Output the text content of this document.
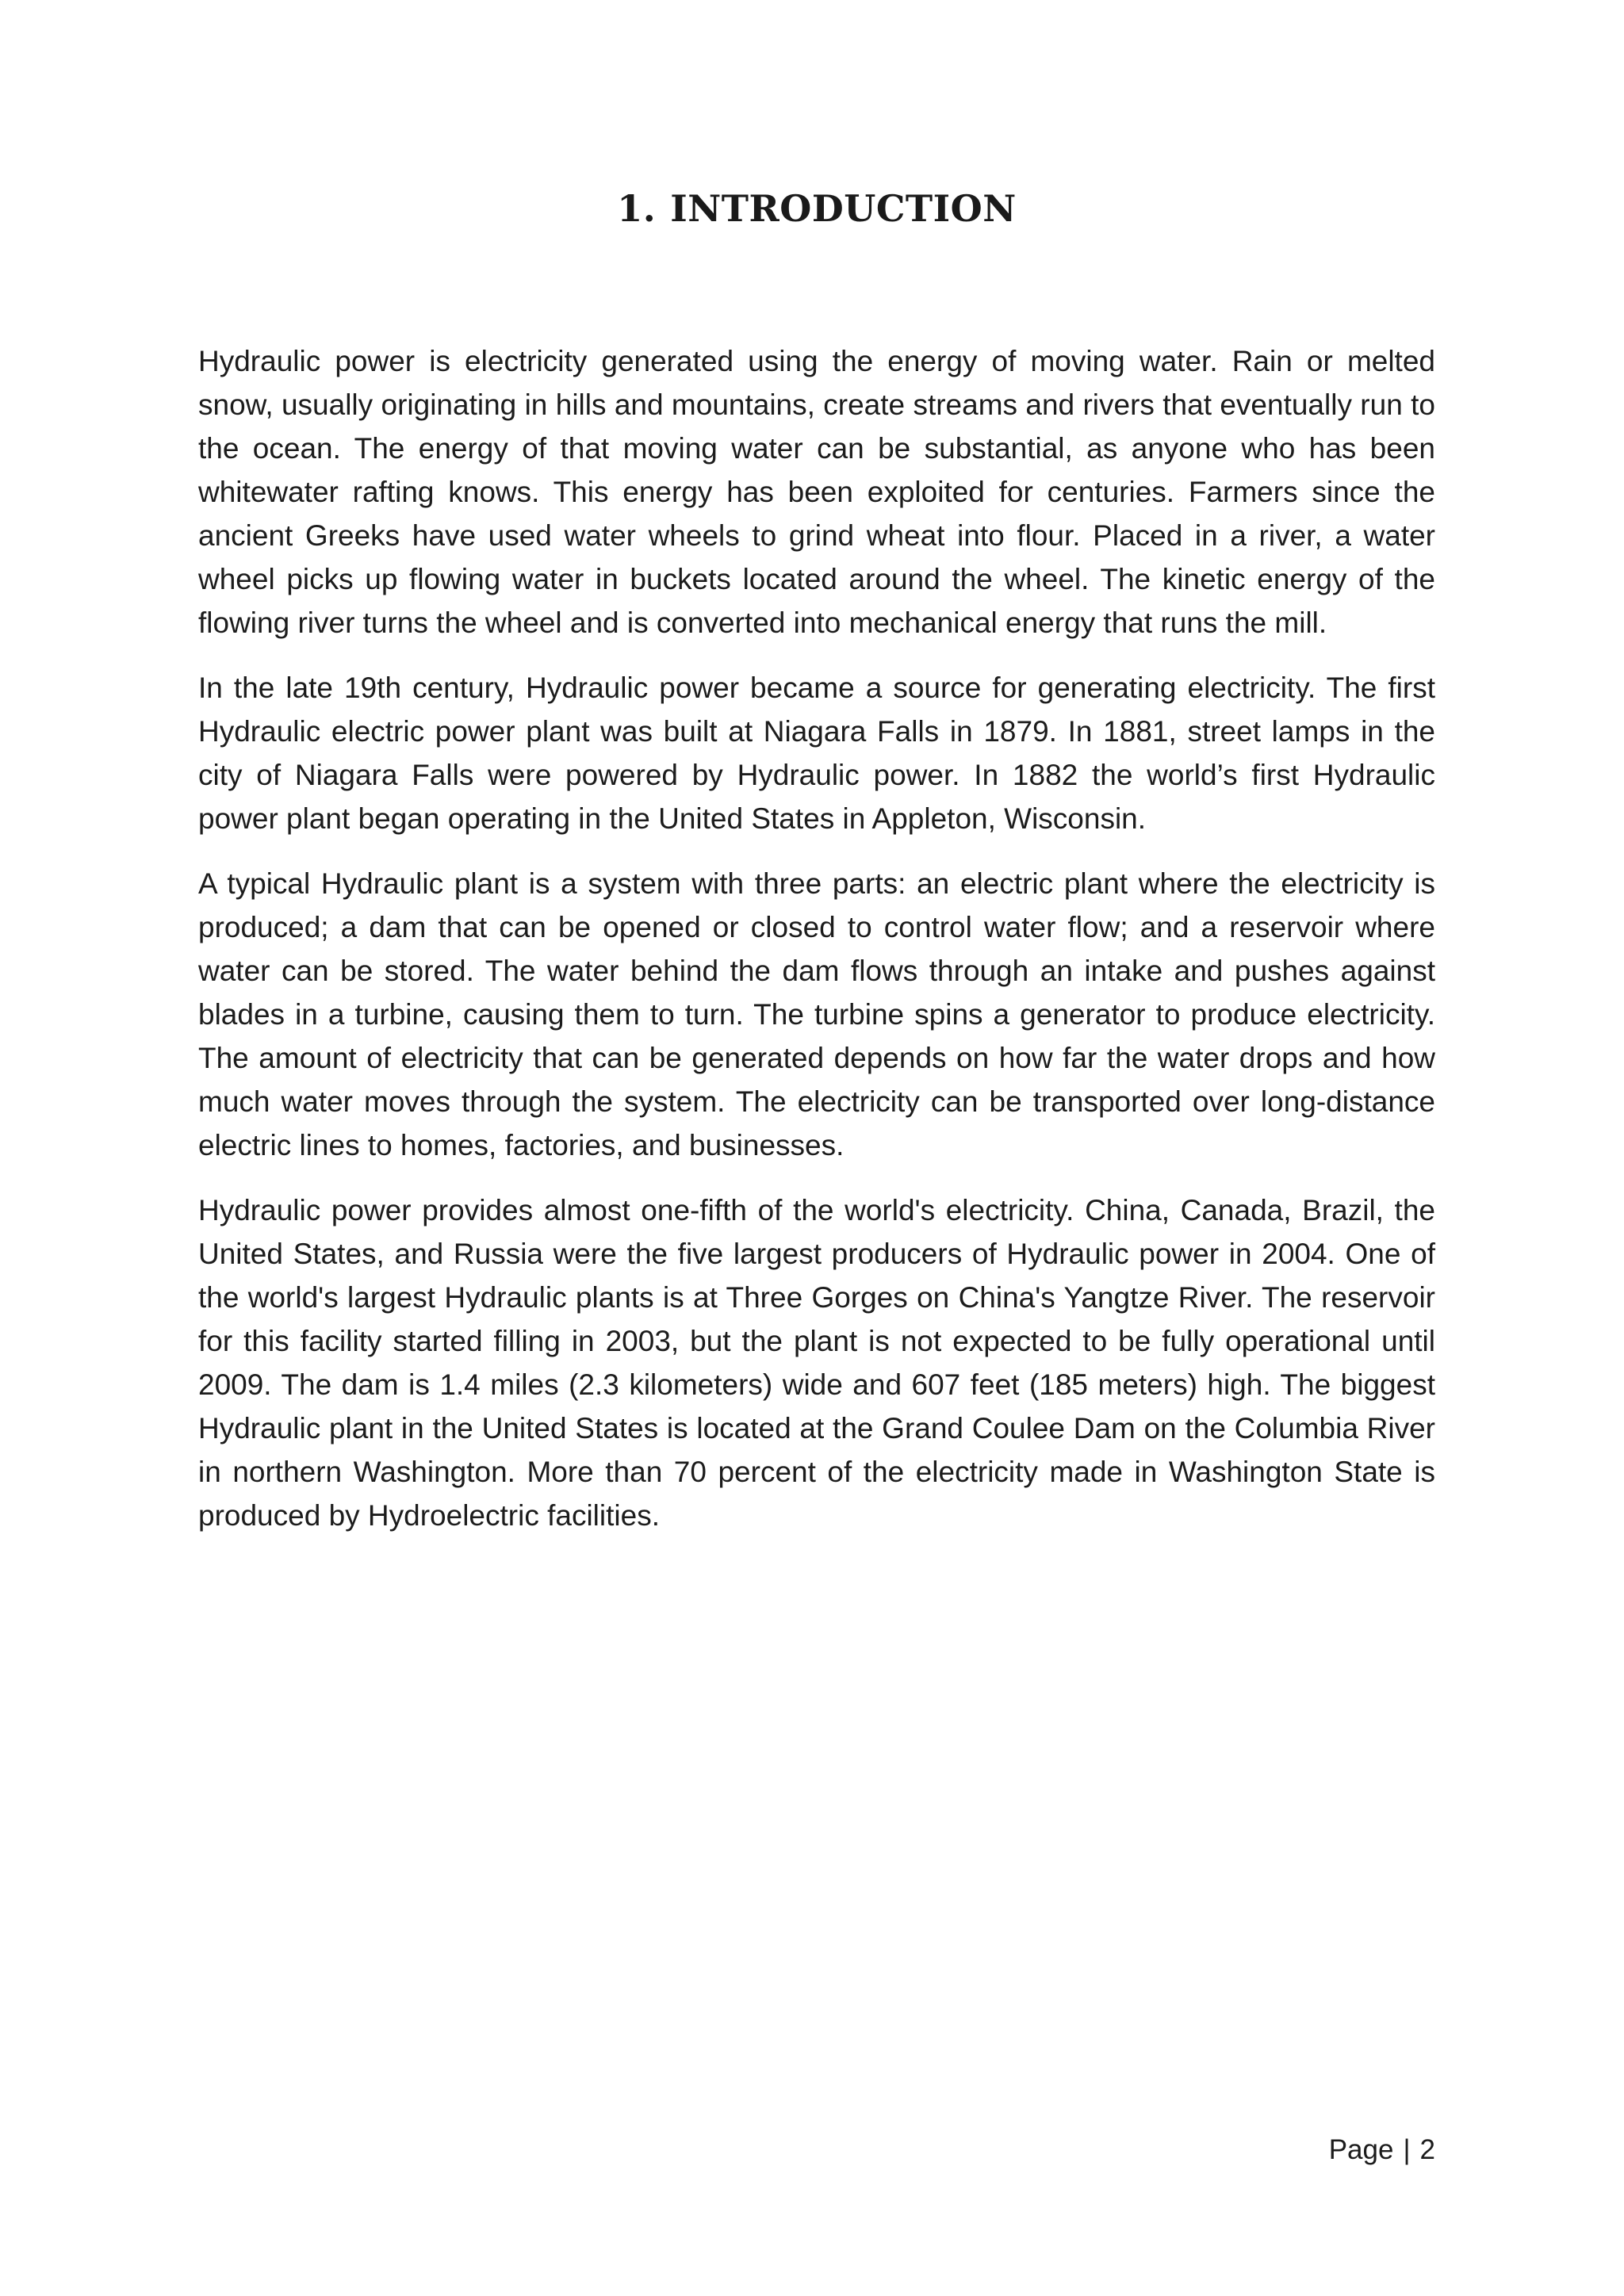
1. INTRODUCTION

Hydraulic power is electricity generated using the energy of moving water. Rain or melted snow, usually originating in hills and mountains, create streams and rivers that eventually run to the ocean. The energy of that moving water can be substantial, as anyone who has been whitewater rafting knows. This energy has been exploited for centuries. Farmers since the ancient Greeks have used water wheels to grind wheat into flour. Placed in a river, a water wheel picks up flowing water in buckets located around the wheel. The kinetic energy of the flowing river turns the wheel and is converted into mechanical energy that runs the mill.

In the late 19th century, Hydraulic power became a source for generating electricity. The first Hydraulic electric power plant was built at Niagara Falls in 1879. In 1881, street lamps in the city of Niagara Falls were powered by Hydraulic power. In 1882 the world’s first Hydraulic power plant began operating in the United States in Appleton, Wisconsin.

A typical Hydraulic plant is a system with three parts: an electric plant where the electricity is produced; a dam that can be opened or closed to control water flow; and a reservoir where water can be stored. The water behind the dam flows through an intake and pushes against blades in a turbine, causing them to turn. The turbine spins a generator to produce electricity. The amount of electricity that can be generated depends on how far the water drops and how much water moves through the system. The electricity can be transported over long-distance electric lines to homes, factories, and businesses.

Hydraulic power provides almost one-fifth of the world's electricity. China, Canada, Brazil, the United States, and Russia were the five largest producers of Hydraulic power in 2004. One of the world's largest Hydraulic plants is at Three Gorges on China's Yangtze River. The reservoir for this facility started filling in 2003, but the plant is not expected to be fully operational until 2009. The dam is 1.4 miles (2.3 kilometers) wide and 607 feet (185 meters) high. The biggest Hydraulic plant in the United States is located at the Grand Coulee Dam on the Columbia River in northern Washington. More than 70 percent of the electricity made in Washington State is produced by Hydroelectric facilities.

Page | 2
